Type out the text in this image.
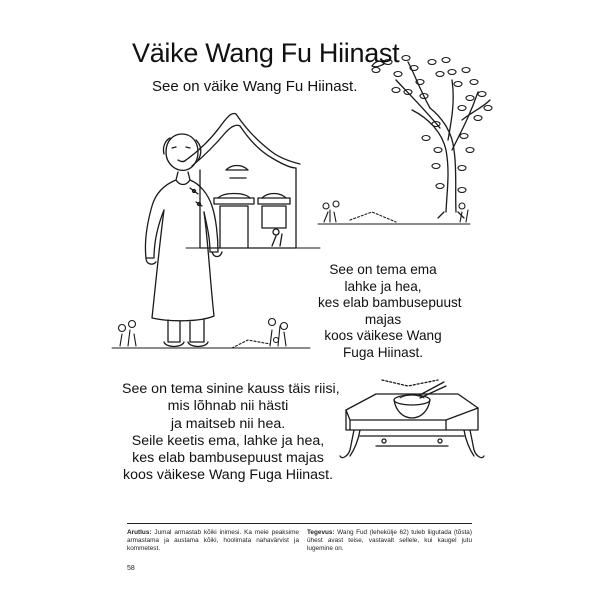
Väike Wang Fu Hiinast
See on väike Wang Fu Hiinast.
See on tema ema
lahke ja hea,
kes elab bambusepuust
majas
koos väikese Wang
Fuga Hiinast.
See on tema sinine kauss täis riisi,
mis lõhnab nii hästi
ja maitseb nii hea.
Seile keetis ema, lahke ja hea,
kes elab bambusepuust majas
koos väikese Wang Fuga Hiinast.
Arutlus: Jumal armastab kõiki inimesi. Ka meie peaksime armastama ja austama kõiki, hoolimata nahavärvist ja kommetest.
Tegevus: Wang Fud (lehekülje 62) tuleb liigutada (tõsta) ühest avast teise, vastavalt sellele, kui kaugel jutu lugemine on.
58
